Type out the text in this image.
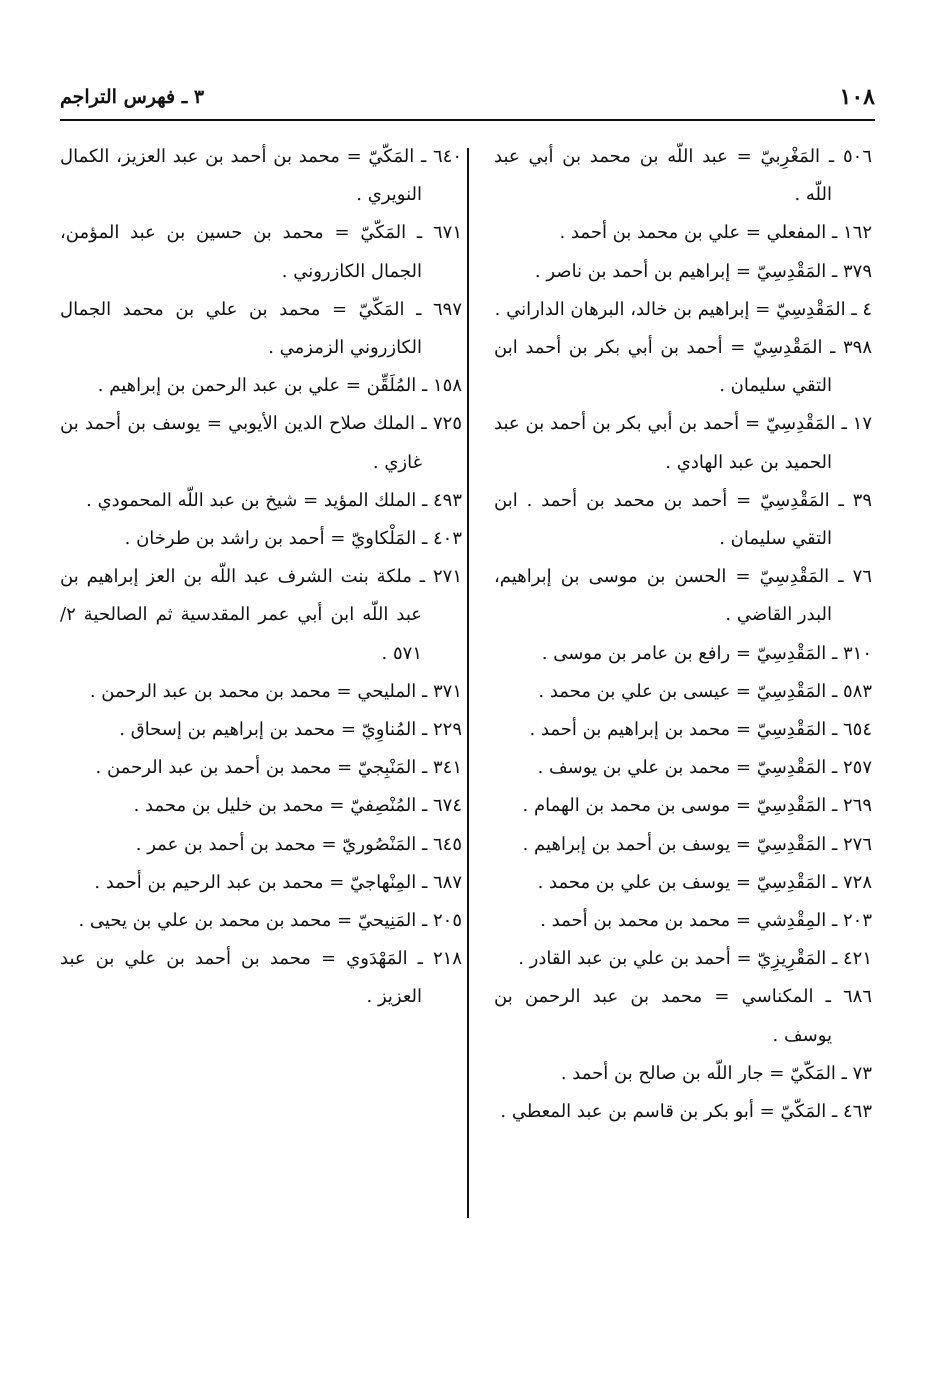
١٠٨
٣ ـ فهرس التراجم

٥٠٦ ـ المَغْرِبيّ = عبد اللّه بن محمد بن أبي عبد اللّه .

١٦٢ ـ المفعلي = علي بن محمد بن أحمد .

٣٧٩ ـ المَقْدِسِيّ = إبراهيم بن أحمد بن ناصر .

٤ ـ المَقْدِسِيّ = إبراهيم بن خالد، البرهان الداراني .

٣٩٨ ـ المَقْدِسِيّ = أحمد بن أبي بكر بن أحمد ابن التقي سليمان .

١٧ ـ المَقْدِسِيّ = أحمد بن أبي بكر بن أحمد بن عبد الحميد بن عبد الهادي .

٣٩ ـ المَقْدِسِيّ = أحمد بن محمد بن أحمد . ابن التقي سليمان .

٧٦ ـ المَقْدِسِيّ = الحسن بن موسى بن إبراهيم، البدر القاضي .

٣١٠ ـ المَقْدِسِيّ = رافع بن عامر بن موسى .

٥٨٣ ـ المَقْدِسِيّ = عيسى بن علي بن محمد .

٦٥٤ ـ المَقْدِسِيّ = محمد بن إبراهيم بن أحمد .

٢٥٧ ـ المَقْدِسِيّ = محمد بن علي بن يوسف .

٢٦٩ ـ المَقْدِسِيّ = موسى بن محمد بن الهمام .

٢٧٦ ـ المَقْدِسِيّ = يوسف بن أحمد بن إبراهيم .

٧٢٨ ـ المَقْدِسِيّ = يوسف بن علي بن محمد .

٢٠٣ ـ المِقْدِشي = محمد بن محمد بن أحمد .

٤٢١ ـ المَقْرِيزِيّ = أحمد بن علي بن عبد القادر .

٦٨٦ ـ المكناسي = محمد بن عبد الرحمن بن يوسف .

٧٣ ـ المَكّيّ = جار اللّه بن صالح بن أحمد .

٤٦٣ ـ المَكّيّ = أبو بكر بن قاسم بن عبد المعطي .

٦٤٠ ـ المَكّيّ = محمد بن أحمد بن عبد العزيز، الكمال النويري .

٦٧١ ـ المَكّيّ = محمد بن حسين بن عبد المؤمن، الجمال الكازروني .

٦٩٧ ـ المَكّيّ = محمد بن علي بن محمد الجمال الكازروني الزمزمي .

١٥٨ ـ المُلَقِّن = علي بن عبد الرحمن بن إبراهيم .

٧٢٥ ـ الملك صلاح الدين الأيوبي = يوسف بن أحمد بن غازي .

٤٩٣ ـ الملك المؤيد = شيخ بن عبد اللّه المحمودي .

٤٠٣ ـ المَلْكاويّ = أحمد بن راشد بن طرخان .

٢٧١ ـ ملكة بنت الشرف عبد اللّه بن العز إبراهيم بن عبد اللّه ابن أبي عمر المقدسية ثم الصالحية ٢/ ٥٧١ .

٣٧١ ـ المليحي = محمد بن محمد بن عبد الرحمن .

٢٢٩ ـ المُناوِيّ = محمد بن إبراهيم بن إسحاق .

٣٤١ ـ المَنْبِجيّ = محمد بن أحمد بن عبد الرحمن .

٦٧٤ ـ المُنْصِفيّ = محمد بن خليل بن محمد .

٦٤٥ ـ المَنْصُوريّ = محمد بن أحمد بن عمر .

٦٨٧ ـ المِنْهاجيّ = محمد بن عبد الرحيم بن أحمد .

٢٠٥ ـ المَنِيحيّ = محمد بن محمد بن علي بن يحيى .

٢١٨ ـ المَهْدَوي = محمد بن أحمد بن علي بن عبد العزيز .
